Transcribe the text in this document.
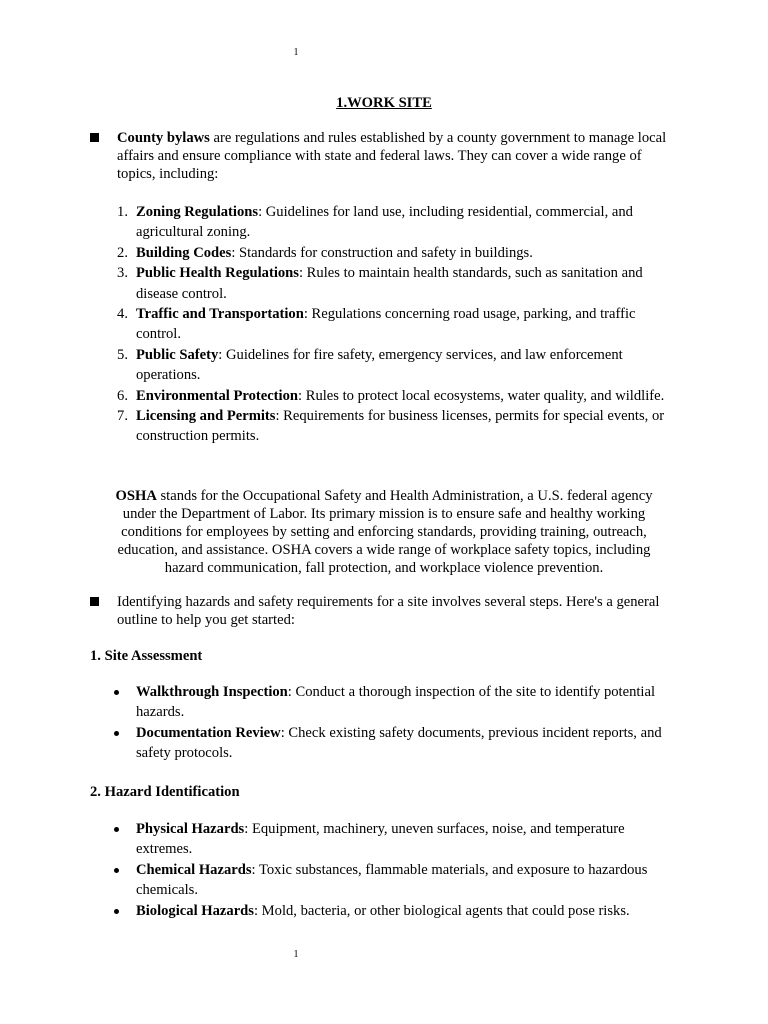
1
1.WORK SITE
County bylaws are regulations and rules established by a county government to manage local affairs and ensure compliance with state and federal laws. They can cover a wide range of topics, including:
1. Zoning Regulations: Guidelines for land use, including residential, commercial, and agricultural zoning.
2. Building Codes: Standards for construction and safety in buildings.
3. Public Health Regulations: Rules to maintain health standards, such as sanitation and disease control.
4. Traffic and Transportation: Regulations concerning road usage, parking, and traffic control.
5. Public Safety: Guidelines for fire safety, emergency services, and law enforcement operations.
6. Environmental Protection: Rules to protect local ecosystems, water quality, and wildlife.
7. Licensing and Permits: Requirements for business licenses, permits for special events, or construction permits.
OSHA stands for the Occupational Safety and Health Administration, a U.S. federal agency under the Department of Labor. Its primary mission is to ensure safe and healthy working conditions for employees by setting and enforcing standards, providing training, outreach, education, and assistance. OSHA covers a wide range of workplace safety topics, including hazard communication, fall protection, and workplace violence prevention.
Identifying hazards and safety requirements for a site involves several steps. Here's a general outline to help you get started:
1. Site Assessment
Walkthrough Inspection: Conduct a thorough inspection of the site to identify potential hazards.
Documentation Review: Check existing safety documents, previous incident reports, and safety protocols.
2. Hazard Identification
Physical Hazards: Equipment, machinery, uneven surfaces, noise, and temperature extremes.
Chemical Hazards: Toxic substances, flammable materials, and exposure to hazardous chemicals.
Biological Hazards: Mold, bacteria, or other biological agents that could pose risks.
1
